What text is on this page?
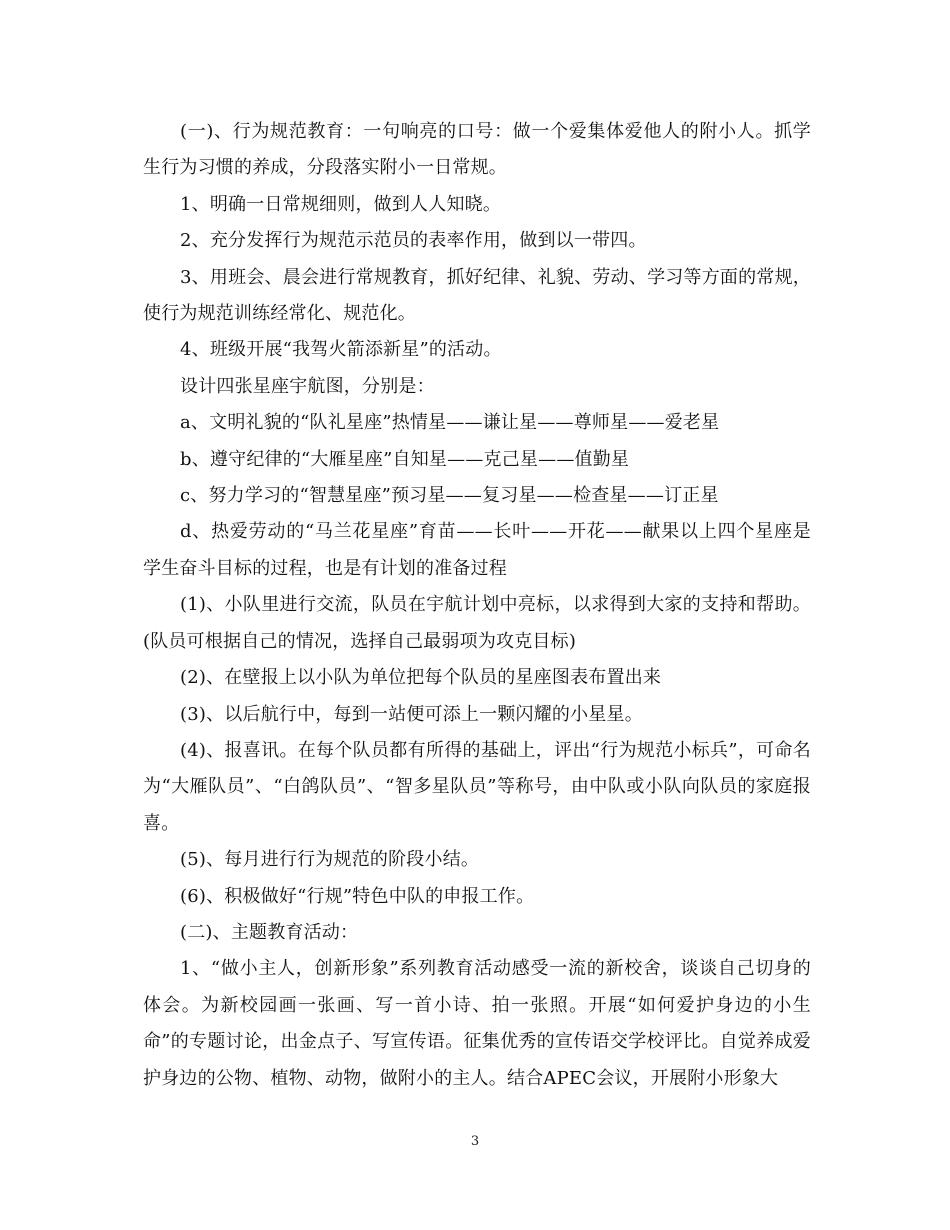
(一)、行为规范教育：一句响亮的口号：做一个爱集体爱他人的附小人。抓学生行为习惯的养成，分段落实附小一日常规。

1、明确一日常规细则，做到人人知晓。

2、充分发挥行为规范示范员的表率作用，做到以一带四。

3、用班会、晨会进行常规教育，抓好纪律、礼貌、劳动、学习等方面的常规，使行为规范训练经常化、规范化。

4、班级开展“我驾火箭添新星”的活动。

设计四张星座宇航图，分别是：

a、文明礼貌的“队礼星座”热情星——谦让星——尊师星——爱老星

b、遵守纪律的“大雁星座”自知星——克己星——值勤星

c、努力学习的“智慧星座”预习星——复习星——检查星——订正星

d、热爱劳动的“马兰花星座”育苗——长叶——开花——献果以上四个星座是学生奋斗目标的过程，也是有计划的准备过程

(1)、小队里进行交流，队员在宇航计划中亮标，以求得到大家的支持和帮助。(队员可根据自己的情况，选择自己最弱项为攻克目标)

(2)、在壁报上以小队为单位把每个队员的星座图表布置出来

(3)、以后航行中，每到一站便可添上一颗闪耀的小星星。

(4)、报喜讯。在每个队员都有所得的基础上，评出“行为规范小标兵”，可命名为“大雁队员”、“白鸽队员”、“智多星队员”等称号，由中队或小队向队员的家庭报喜。

(5)、每月进行行为规范的阶段小结。

(6)、积极做好“行规”特色中队的申报工作。

(二)、主题教育活动：

1、“做小主人，创新形象”系列教育活动感受一流的新校舍，谈谈自己切身的体会。为新校园画一张画、写一首小诗、拍一张照。开展“如何爱护身边的小生命”的专题讨论，出金点子、写宣传语。征集优秀的宣传语交学校评比。自觉养成爱护身边的公物、植物、动物，做附小的主人。结合APEC会议，开展附小形象大

3
